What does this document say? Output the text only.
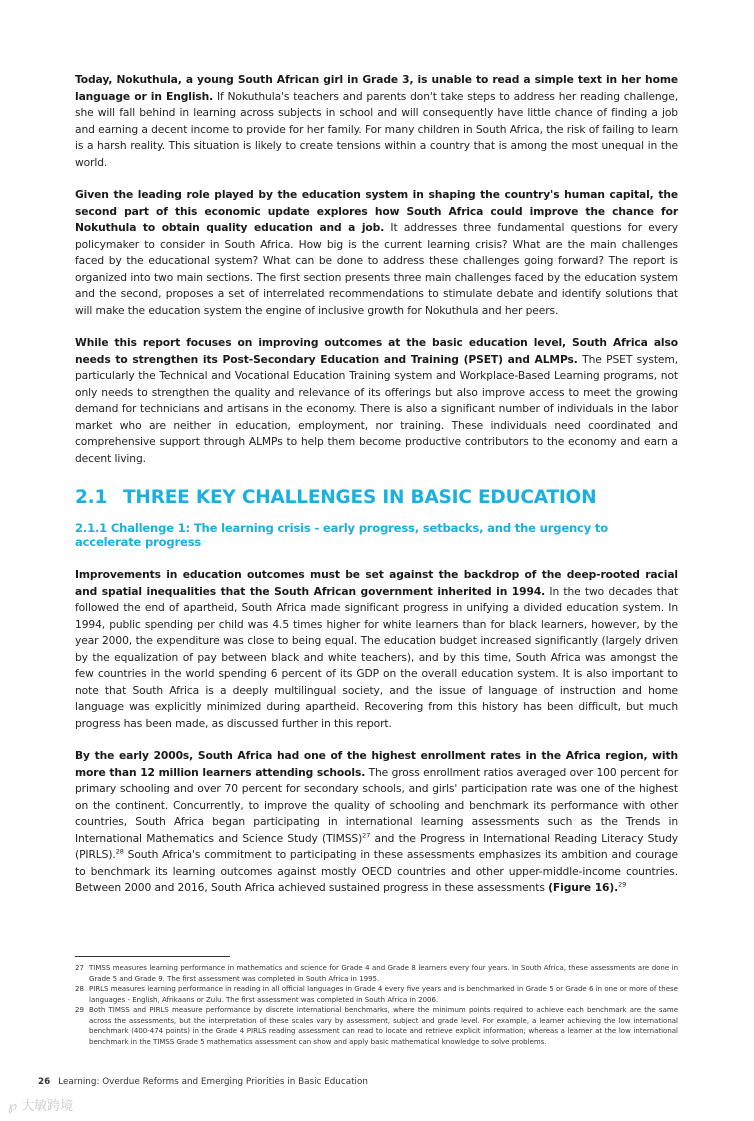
Today, Nokuthula, a young South African girl in Grade 3, is unable to read a simple text in her home language or in English. If Nokuthula's teachers and parents don't take steps to address her reading challenge, she will fall behind in learning across subjects in school and will consequently have little chance of finding a job and earning a decent income to provide for her family. For many children in South Africa, the risk of failing to learn is a harsh reality. This situation is likely to create tensions within a country that is among the most unequal in the world.

Given the leading role played by the education system in shaping the country's human capital, the second part of this economic update explores how South Africa could improve the chance for Nokuthula to obtain quality education and a job. It addresses three fundamental questions for every policymaker to consider in South Africa. How big is the current learning crisis? What are the main challenges faced by the educational system? What can be done to address these challenges going forward? The report is organized into two main sections. The first section presents three main challenges faced by the education system and the second, proposes a set of interrelated recommendations to stimulate debate and identify solutions that will make the education system the engine of inclusive growth for Nokuthula and her peers.

While this report focuses on improving outcomes at the basic education level, South Africa also needs to strengthen its Post-Secondary Education and Training (PSET) and ALMPs. The PSET system, particularly the Technical and Vocational Education Training system and Workplace-Based Learning programs, not only needs to strengthen the quality and relevance of its offerings but also improve access to meet the growing demand for technicians and artisans in the economy. There is also a significant number of individuals in the labor market who are neither in education, employment, nor training. These individuals need coordinated and comprehensive support through ALMPs to help them become productive contributors to the economy and earn a decent living.

2.1 THREE KEY CHALLENGES IN BASIC EDUCATION
2.1.1 Challenge 1: The learning crisis - early progress, setbacks, and the urgency to accelerate progress

Improvements in education outcomes must be set against the backdrop of the deep-rooted racial and spatial inequalities that the South African government inherited in 1994. In the two decades that followed the end of apartheid, South Africa made significant progress in unifying a divided education system. In 1994, public spending per child was 4.5 times higher for white learners than for black learners, however, by the year 2000, the expenditure was close to being equal. The education budget increased significantly (largely driven by the equalization of pay between black and white teachers), and by this time, South Africa was amongst the few countries in the world spending 6 percent of its GDP on the overall education system. It is also important to note that South Africa is a deeply multilingual society, and the issue of language of instruction and home language was explicitly minimized during apartheid. Recovering from this history has been difficult, but much progress has been made, as discussed further in this report.

By the early 2000s, South Africa had one of the highest enrollment rates in the Africa region, with more than 12 million learners attending schools. The gross enrollment ratios averaged over 100 percent for primary schooling and over 70 percent for secondary schools, and girls' participation rate was one of the highest on the continent. Concurrently, to improve the quality of schooling and benchmark its performance with other countries, South Africa began participating in international learning assessments such as the Trends in International Mathematics and Science Study (TIMSS)$^{27}$ and the Progress in International Reading Literacy Study (PIRLS).$^{28}$ South Africa's commitment to participating in these assessments emphasizes its ambition and courage to benchmark its learning outcomes against mostly OECD countries and other upper-middle-income countries. Between 2000 and 2016, South Africa achieved sustained progress in these assessments (Figure 16).$^{29}$

27 TIMSS measures learning performance in mathematics and science for Grade 4 and Grade 8 learners every four years. In South Africa, these assessments are done in Grade 5 and Grade 9. The first assessment was completed in South Africa in 1995.
28 PIRLS measures learning performance in reading in all official languages in Grade 4 every five years and is benchmarked in Grade 5 or Grade 6 in one or more of these languages - English, Afrikaans or Zulu. The first assessment was completed in South Africa in 2006.
29 Both TIMSS and PIRLS measure performance by discrete international benchmarks, where the minimum points required to achieve each benchmark are the same across the assessments, but the interpretation of these scales vary by assessment, subject and grade level. For example, a learner achieving the low international benchmark (400-474 points) in the Grade 4 PIRLS reading assessment can read to locate and retrieve explicit information; whereas a learner at the low international benchmark in the TIMSS Grade 5 mathematics assessment can show and apply basic mathematical knowledge to solve problems.
26 Learning: Overdue Reforms and Emerging Priorities in Basic Education
℘ 大敏跨境
